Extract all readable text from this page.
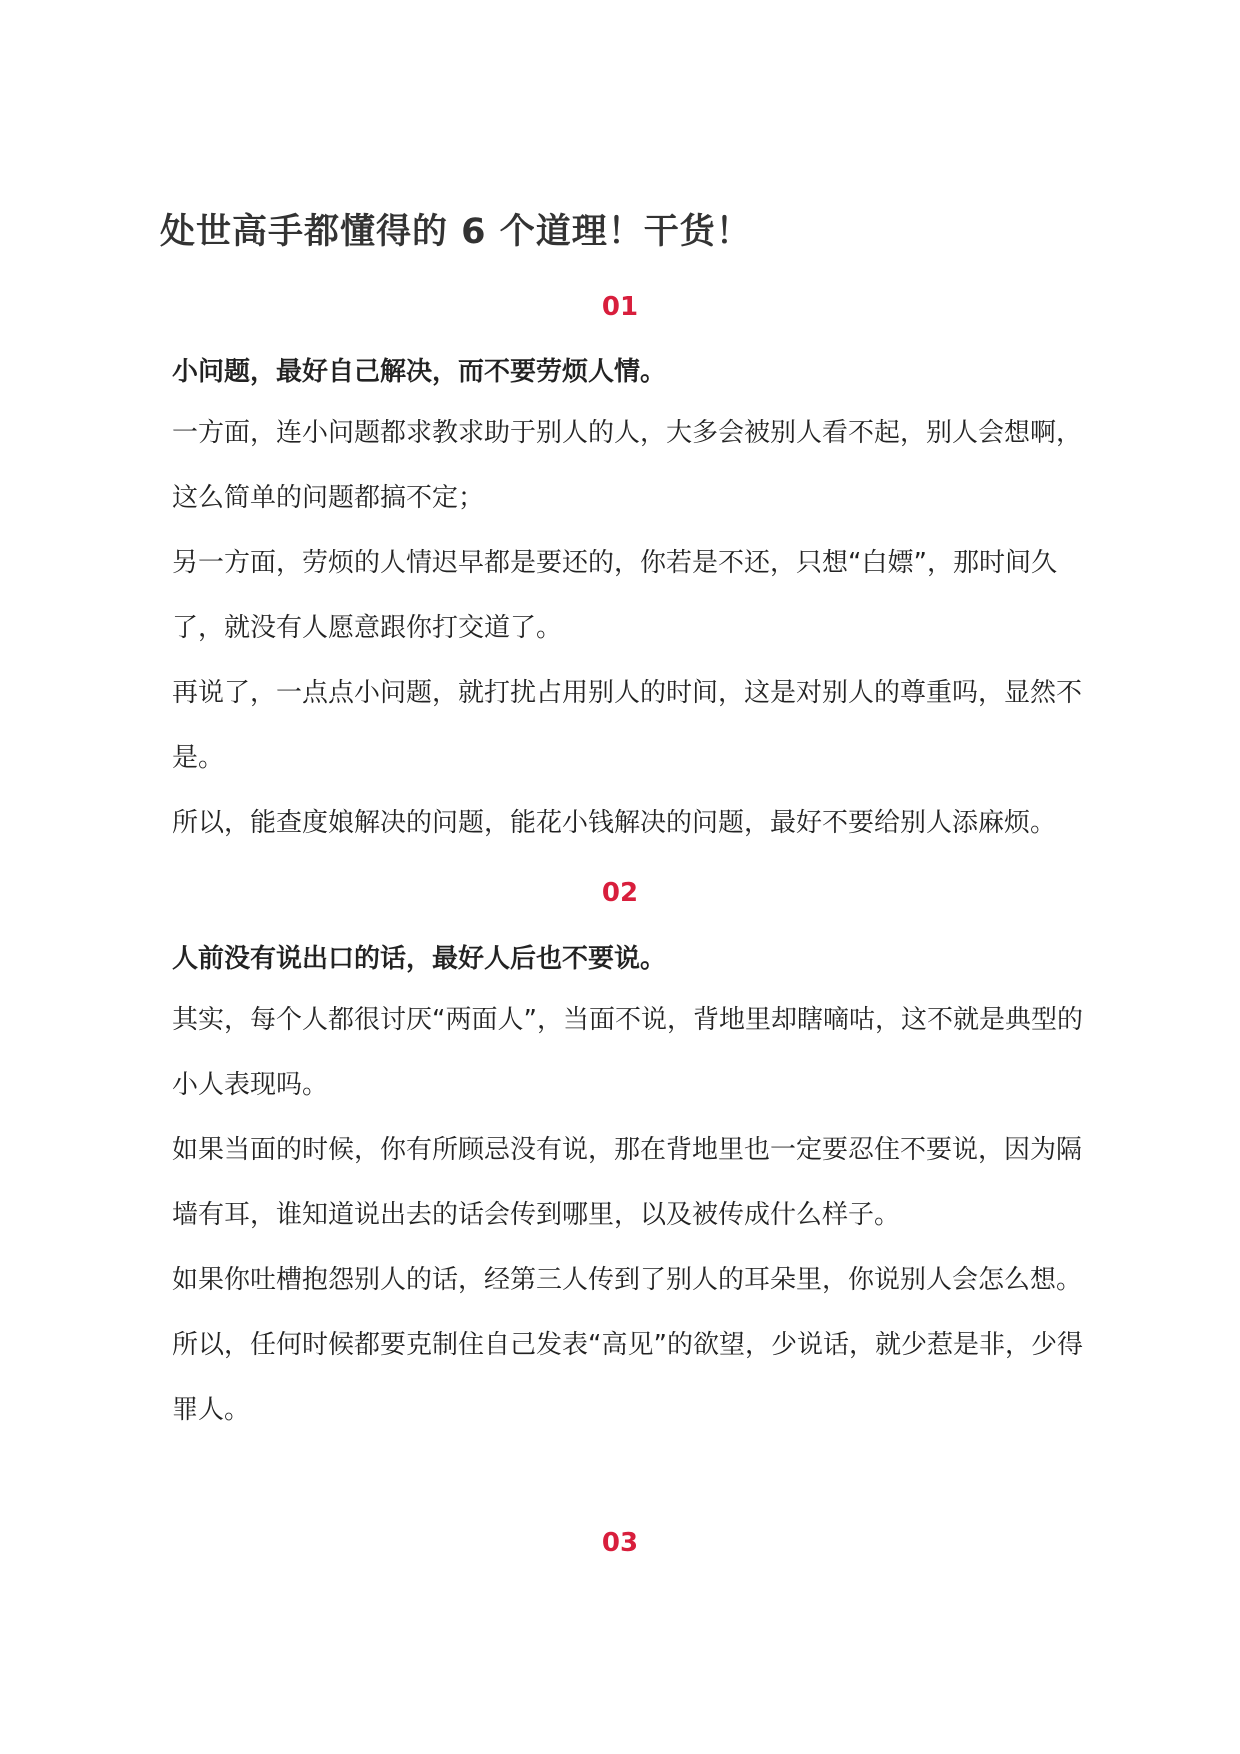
处世高手都懂得的 6 个道理！干货！
01

小问题，最好自己解决，而不要劳烦人情。

一方面，连小问题都求教求助于别人的人，大多会被别人看不起，别人会想啊，这么简单的问题都搞不定；

另一方面，劳烦的人情迟早都是要还的，你若是不还，只想“白嫖”，那时间久了，就没有人愿意跟你打交道了。

再说了，一点点小问题，就打扰占用别人的时间，这是对别人的尊重吗，显然不是。

所以，能查度娘解决的问题，能花小钱解决的问题，最好不要给别人添麻烦。

02

人前没有说出口的话，最好人后也不要说。

其实，每个人都很讨厌“两面人”，当面不说，背地里却瞎嘀咕，这不就是典型的小人表现吗。

如果当面的时候，你有所顾忌没有说，那在背地里也一定要忍住不要说，因为隔墙有耳，谁知道说出去的话会传到哪里，以及被传成什么样子。

如果你吐槽抱怨别人的话，经第三人传到了别人的耳朵里，你说别人会怎么想。

所以，任何时候都要克制住自己发表“高见”的欲望，少说话，就少惹是非，少得罪人。

03
